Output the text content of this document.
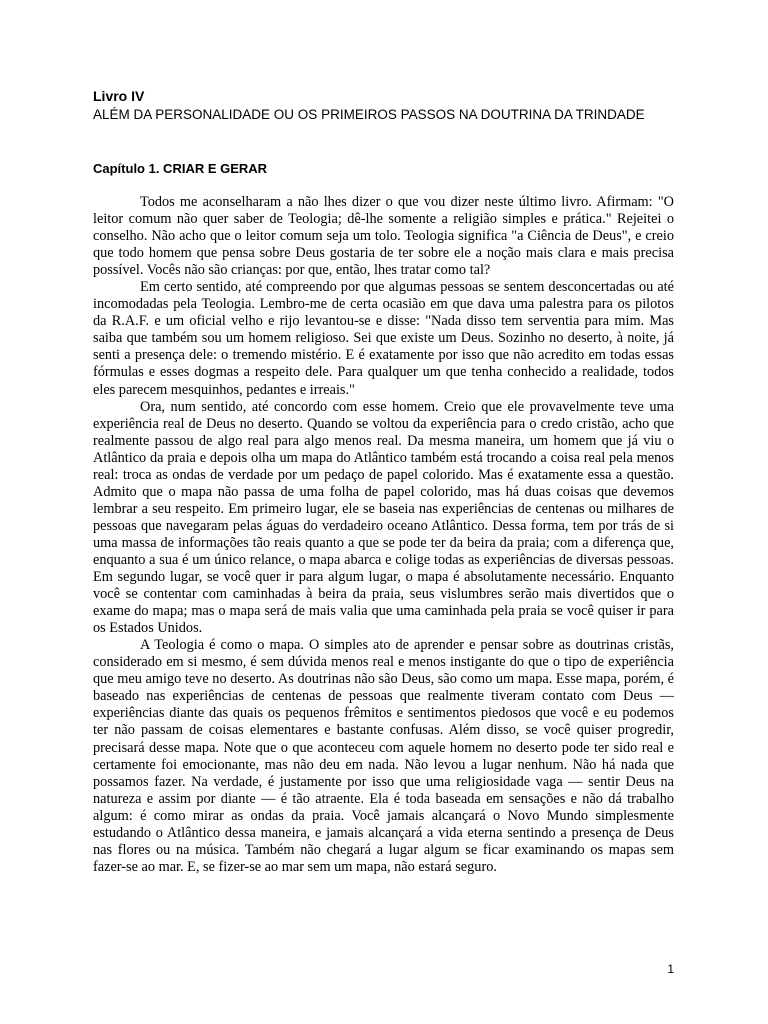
Livro IV
ALÉM DA PERSONALIDADE OU OS PRIMEIROS PASSOS NA DOUTRINA DA TRINDADE
Capítulo 1. CRIAR E GERAR

Todos me aconselharam a não lhes dizer o que vou dizer neste último livro. Afirmam: "O leitor comum não quer saber de Teologia; dê-lhe somente a religião simples e prática." Rejeitei o conselho. Não acho que o leitor comum seja um tolo. Teologia significa "a Ciência de Deus", e creio que todo homem que pensa sobre Deus gostaria de ter sobre ele a noção mais clara e mais precisa possível. Vocês não são crianças: por que, então, lhes tratar como tal?

Em certo sentido, até compreendo por que algumas pessoas se sentem desconcertadas ou até incomodadas pela Teologia. Lembro-me de certa ocasião em que dava uma palestra para os pilotos da R.A.F. e um oficial velho e rijo levantou-se e disse: "Nada disso tem serventia para mim. Mas saiba que também sou um homem religioso. Sei que existe um Deus. Sozinho no deserto, à noite, já senti a presença dele: o tremendo mistério. E é exatamente por isso que não acredito em todas essas fórmulas e esses dogmas a respeito dele. Para qualquer um que tenha conhecido a realidade, todos eles parecem mesquinhos, pedantes e irreais."

Ora, num sentido, até concordo com esse homem. Creio que ele provavelmente teve uma experiência real de Deus no deserto. Quando se voltou da experiência para o credo cristão, acho que realmente passou de algo real para algo menos real. Da mesma maneira, um homem que já viu o Atlântico da praia e depois olha um mapa do Atlântico também está trocando a coisa real pela menos real: troca as ondas de verdade por um pedaço de papel colorido. Mas é exatamente essa a questão. Admito que o mapa não passa de uma folha de papel colorido, mas há duas coisas que devemos lembrar a seu respeito. Em primeiro lugar, ele se baseia nas experiências de centenas ou milhares de pessoas que navegaram pelas águas do verdadeiro oceano Atlântico. Dessa forma, tem por trás de si uma massa de informações tão reais quanto a que se pode ter da beira da praia; com a diferença que, enquanto a sua é um único relance, o mapa abarca e colige todas as experiências de diversas pessoas. Em segundo lugar, se você quer ir para algum lugar, o mapa é absolutamente necessário. Enquanto você se contentar com caminhadas à beira da praia, seus vislumbres serão mais divertidos que o exame do mapa; mas o mapa será de mais valia que uma caminhada pela praia se você quiser ir para os Estados Unidos.

A Teologia é como o mapa. O simples ato de aprender e pensar sobre as doutrinas cristãs, considerado em si mesmo, é sem dúvida menos real e menos instigante do que o tipo de experiência que meu amigo teve no deserto. As doutrinas não são Deus, são como um mapa. Esse mapa, porém, é baseado nas experiências de centenas de pessoas que realmente tiveram contato com Deus — experiências diante das quais os pequenos frêmitos e sentimentos piedosos que você e eu podemos ter não passam de coisas elementares e bastante confusas. Além disso, se você quiser progredir, precisará desse mapa. Note que o que aconteceu com aquele homem no deserto pode ter sido real e certamente foi emocionante, mas não deu em nada. Não levou a lugar nenhum. Não há nada que possamos fazer. Na verdade, é justamente por isso que uma religiosidade vaga — sentir Deus na natureza e assim por diante — é tão atraente. Ela é toda baseada em sensações e não dá trabalho algum: é como mirar as ondas da praia. Você jamais alcançará o Novo Mundo simplesmente estudando o Atlântico dessa maneira, e jamais alcançará a vida eterna sentindo a presença de Deus nas flores ou na música. Também não chegará a lugar algum se ficar examinando os mapas sem fazer-se ao mar. E, se fizer-se ao mar sem um mapa, não estará seguro.

1
